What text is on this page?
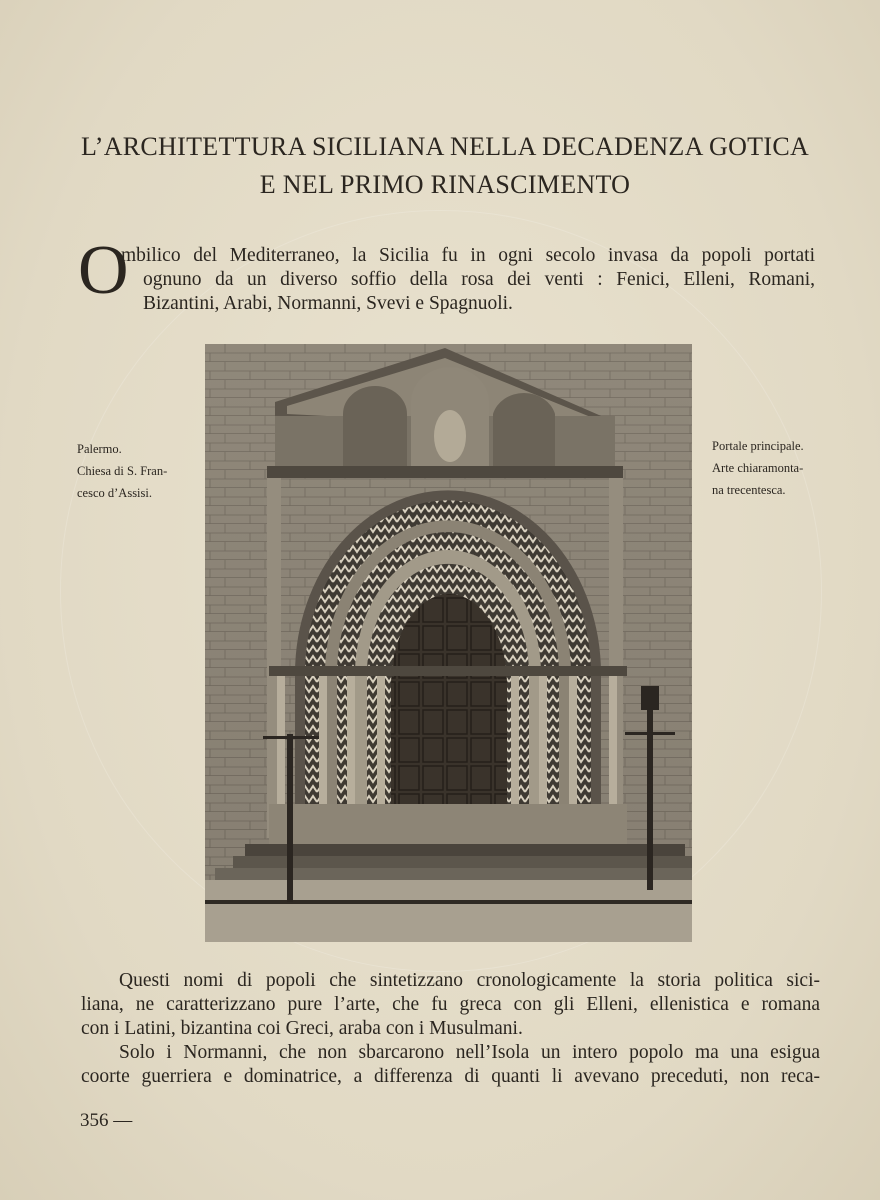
L’ARCHITETTURA SICILIANA NELLA DECADENZA GOTICA
E NEL PRIMO RINASCIMENTO
O
mbilico del Mediterraneo, la Sicilia fu in ogni secolo invasa da popoli portati
ognuno da un diverso soffio della rosa dei venti : Fenici, Elleni, Romani,
Bizantini, Arabi, Normanni, Svevi e Spagnuoli.
Palermo.
Chiesa di S. Fran-
cesco d’Assisi.
Portale principale.
Arte chiaramonta-
na trecentesca.
Questi nomi di popoli che sintetizzano cronologicamente la storia politica sici-
liana, ne caratterizzano pure l’arte, che fu greca con gli Elleni, ellenistica e romana
con i Latini, bizantina coi Greci, araba con i Musulmani.
Solo i Normanni, che non sbarcarono nell’Isola un intero popolo ma una esigua
coorte guerriera e dominatrice, a differenza di quanti li avevano preceduti, non reca-
356 —
